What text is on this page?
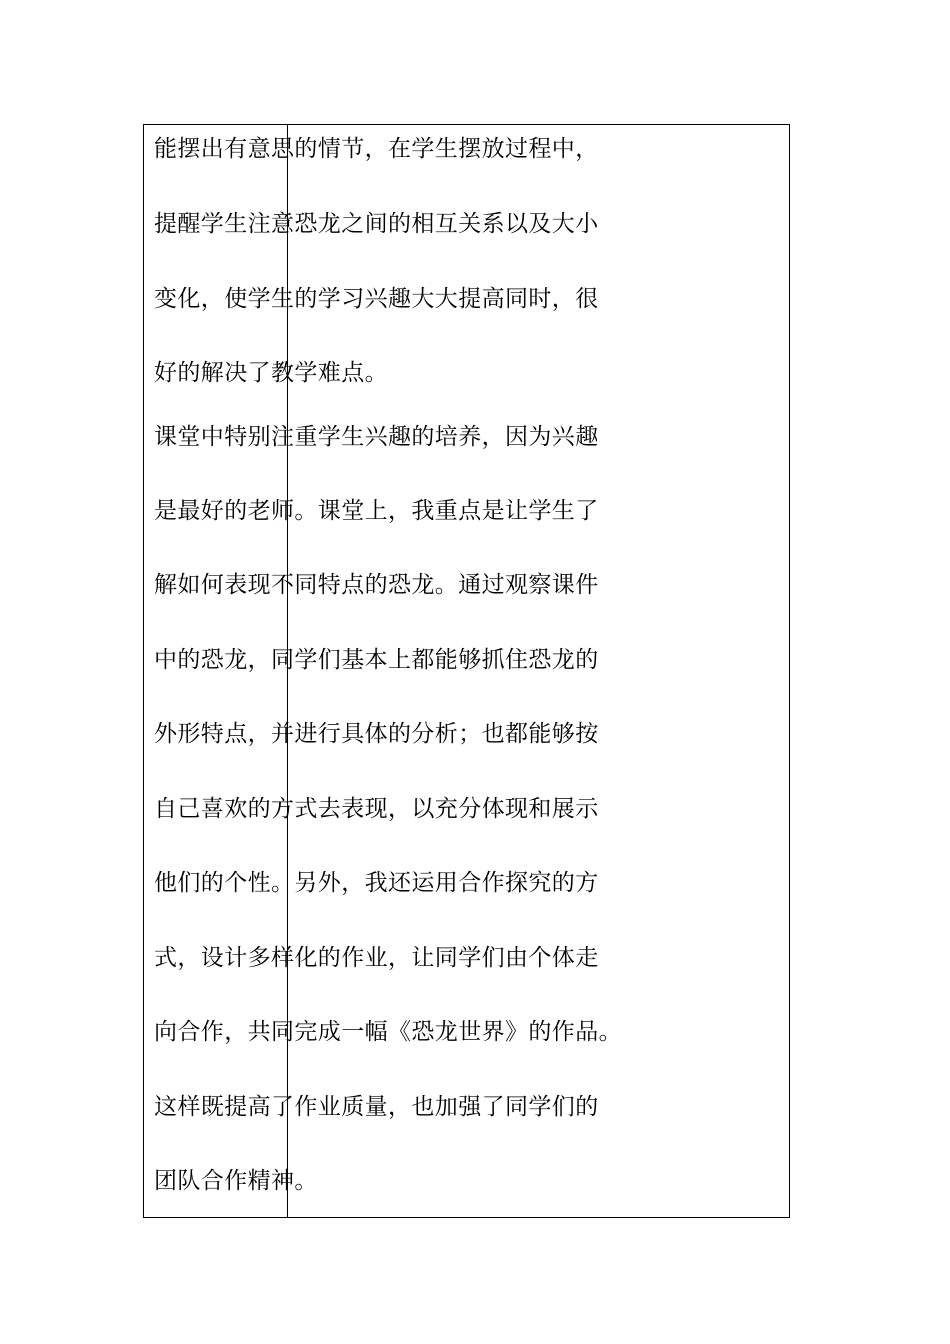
能摆出有意思的情节，在学生摆放过程中，
提醒学生注意恐龙之间的相互关系以及大小
变化，使学生的学习兴趣大大提高同时，很
好的解决了教学难点。
课堂中特别注重学生兴趣的培养，因为兴趣
是最好的老师。课堂上，我重点是让学生了
解如何表现不同特点的恐龙。通过观察课件
中的恐龙，同学们基本上都能够抓住恐龙的
外形特点，并进行具体的分析；也都能够按
自己喜欢的方式去表现，以充分体现和展示
他们的个性。另外，我还运用合作探究的方
式，设计多样化的作业，让同学们由个体走
向合作，共同完成一幅《恐龙世界》的作品。
这样既提高了作业质量，也加强了同学们的
团队合作精神。
